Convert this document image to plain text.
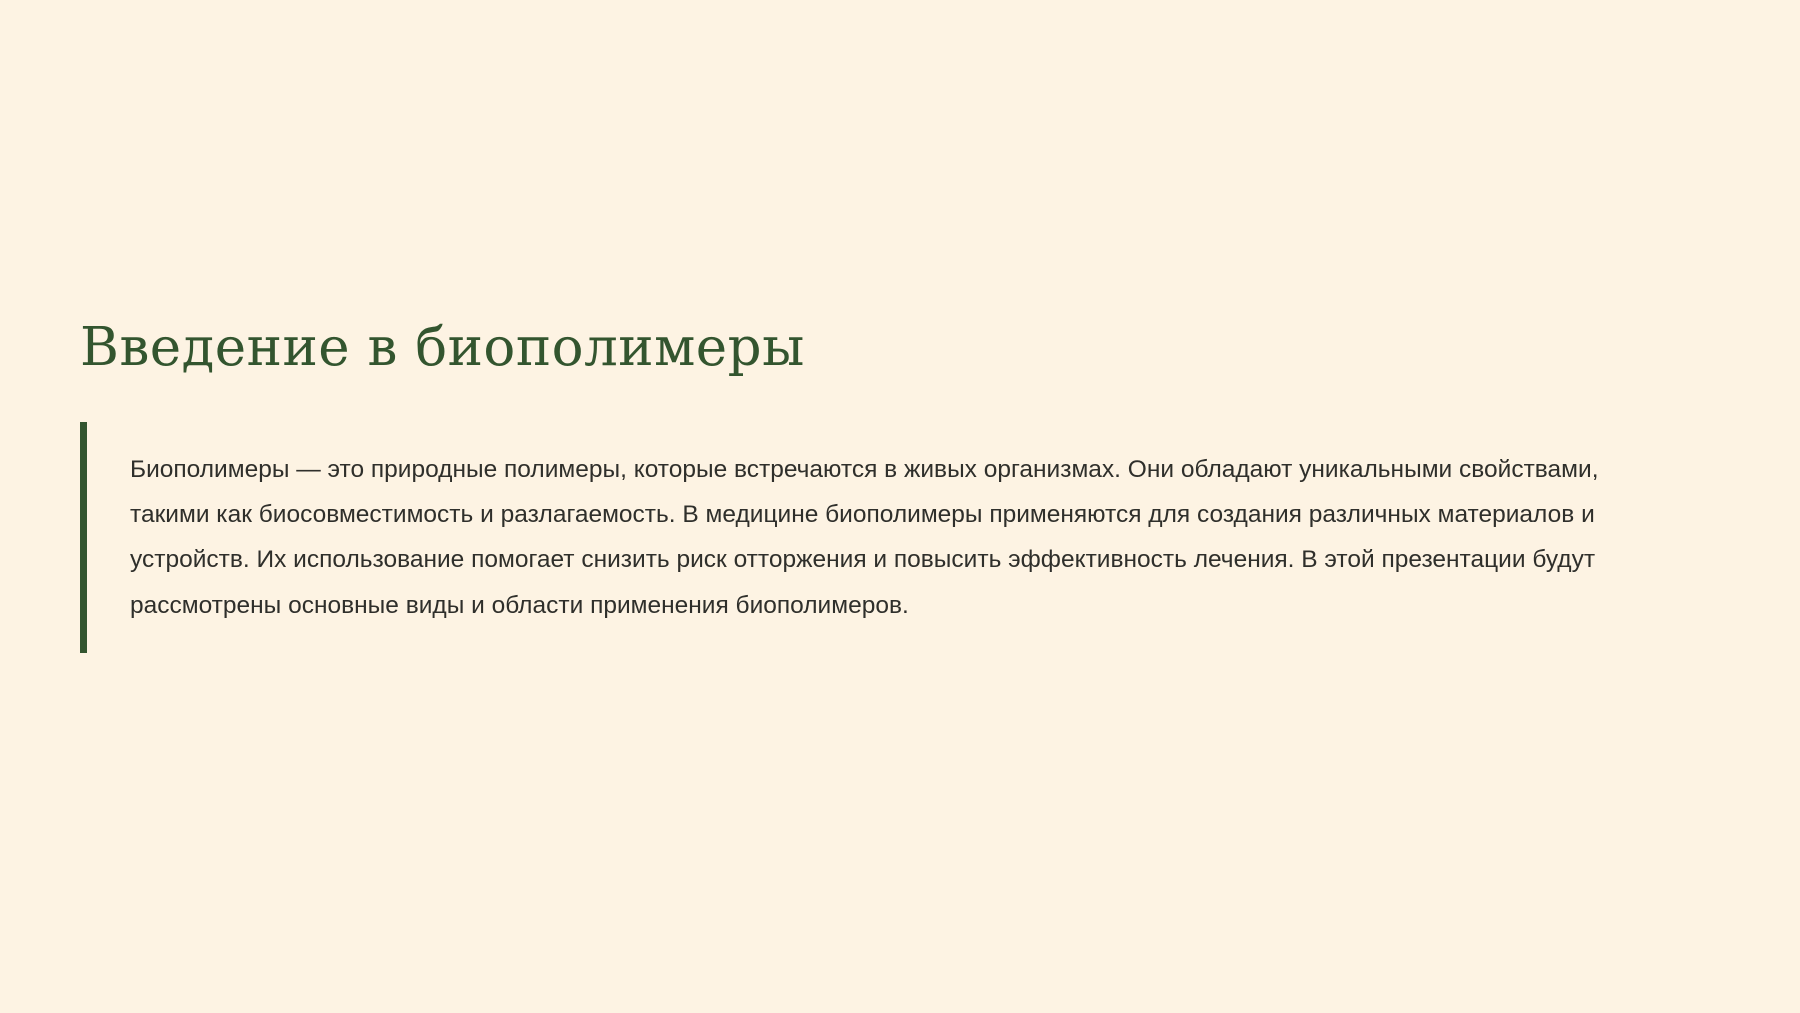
Введение в биополимеры

Биополимеры — это природные полимеры, которые встречаются в живых организмах. Они обладают уникальными свойствами, такими как биосовместимость и разлагаемость. В медицине биополимеры применяются для создания различных материалов и устройств. Их использование помогает снизить риск отторжения и повысить эффективность лечения. В этой презентации будут рассмотрены основные виды и области применения биополимеров.
